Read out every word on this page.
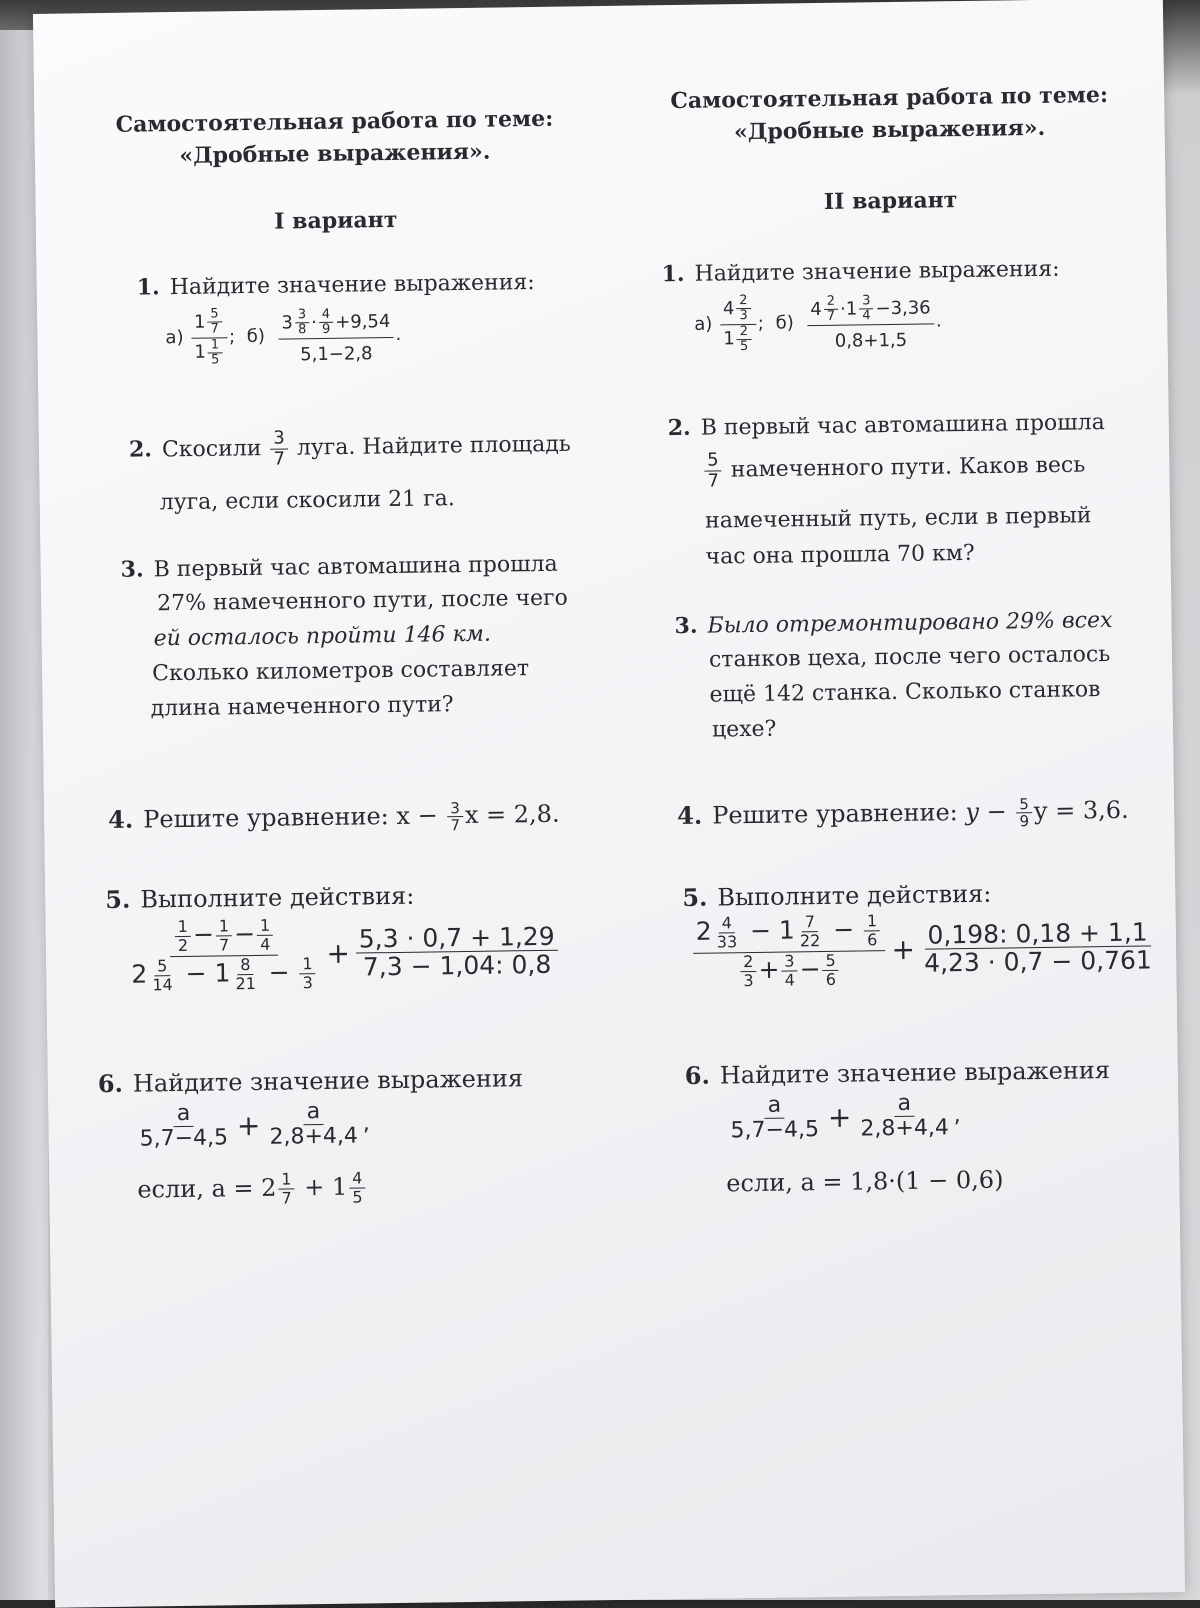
Самостоятельная работа по теме:
«Дробные выражения».
I вариант
1. Найдите значение выражения:
$а) \frac{1 \frac{5}{7}}{1 \frac{1}{5}}$ ; $б) \frac{3 \frac{3}{8} \cdot \frac{4}{9} +9,54}{5,1-2,8}$ .
2. Скосили $\frac{3}{7}$ луга. Найдите площадь
луга, если скосили 21 га.
3. В первый час автомашина прошла
27% намеченного пути, после чего
ей осталось пройти 146 км.
Сколько километров составляет
длина намеченного пути?
4. Решите уравнение: $x - \frac{3}{7}$ x = 2,8.
5. Выполните действия:
$\frac{\frac{1}{2} - \frac{1}{7} - \frac{1}{4}}{2 \frac{5}{14} - 1 \frac{8}{21} - \frac{1}{3}} + \frac{5,3 \cdot 0,7 + 1,29}{7,3 - 1,04: 0,8}$
6. Найдите значение выражения
$\frac{a}{5,7-4,5} + \frac{a}{2,8+4,4}$ ,
если, $a = 2 \frac{1}{7} + 1 \frac{4}{5}$
Самостоятельная работа по теме:
«Дробные выражения».
II вариант
1. Найдите значение выражения:
$а) \frac{4 \frac{2}{3}}{1 \frac{2}{5}}$ ; $б) \frac{4 \frac{2}{7} \cdot 1 \frac{3}{4} -3,36}{0,8+1,5}$ .
2. В первый час автомашина прошла
$\frac{5}{7}$ намеченного пути. Каков весь
намеченный путь, если в первый
час она прошла 70 км?
3. Было отремонтировано 29% всех
станков цеха, после чего осталось
ещё 142 станка. Сколько станков
цехе?
4. Решите уравнение: $y - \frac{5}{9}$ y = 3,6.
5. Выполните действия:
$\frac{2 \frac{4}{33} - 1 \frac{7}{22} - \frac{1}{6}}{\frac{2}{3} + \frac{3}{4} - \frac{5}{6}} + \frac{0,198: 0,18 + 1,1}{4,23 \cdot 0,7 - 0,761}$
6. Найдите значение выражения
$\frac{a}{5,7-4,5} + \frac{a}{2,8+4,4}$ ,
если, a = 1,8·(1 − 0,6)
